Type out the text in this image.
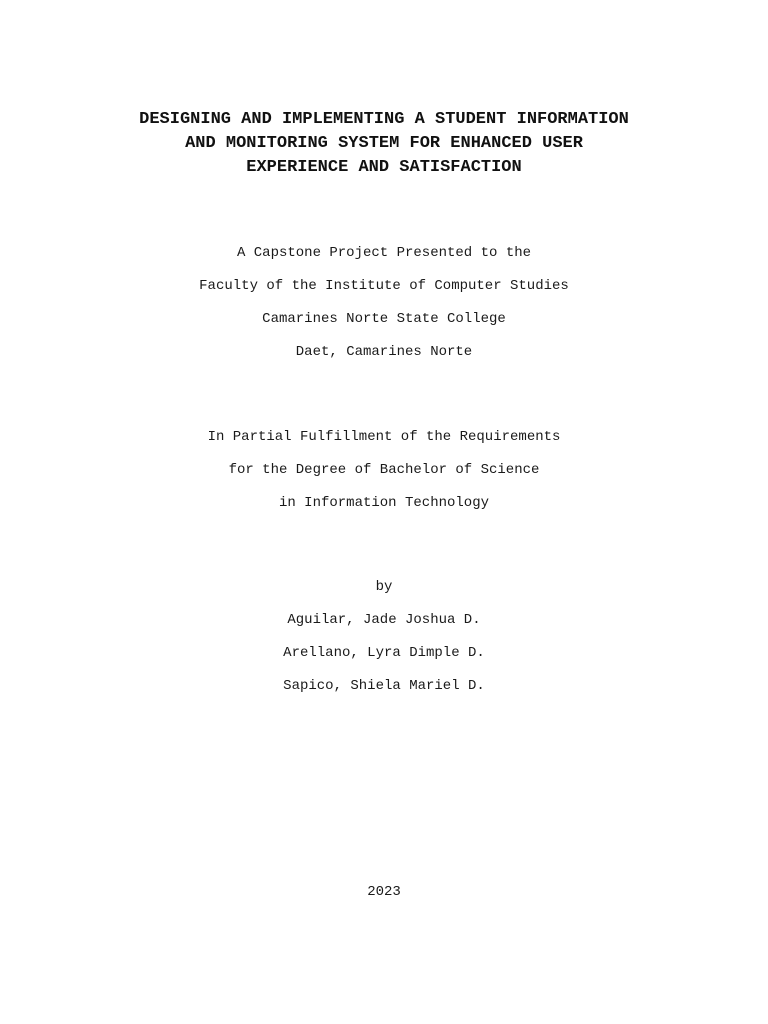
DESIGNING AND IMPLEMENTING A STUDENT INFORMATION
AND MONITORING SYSTEM FOR ENHANCED USER
EXPERIENCE AND SATISFACTION
A Capstone Project Presented to the
Faculty of the Institute of Computer Studies
Camarines Norte State College
Daet, Camarines Norte
In Partial Fulfillment of the Requirements
for the Degree of Bachelor of Science
in Information Technology
by
Aguilar, Jade Joshua D.
Arellano, Lyra Dimple D.
Sapico, Shiela Mariel D.
2023
